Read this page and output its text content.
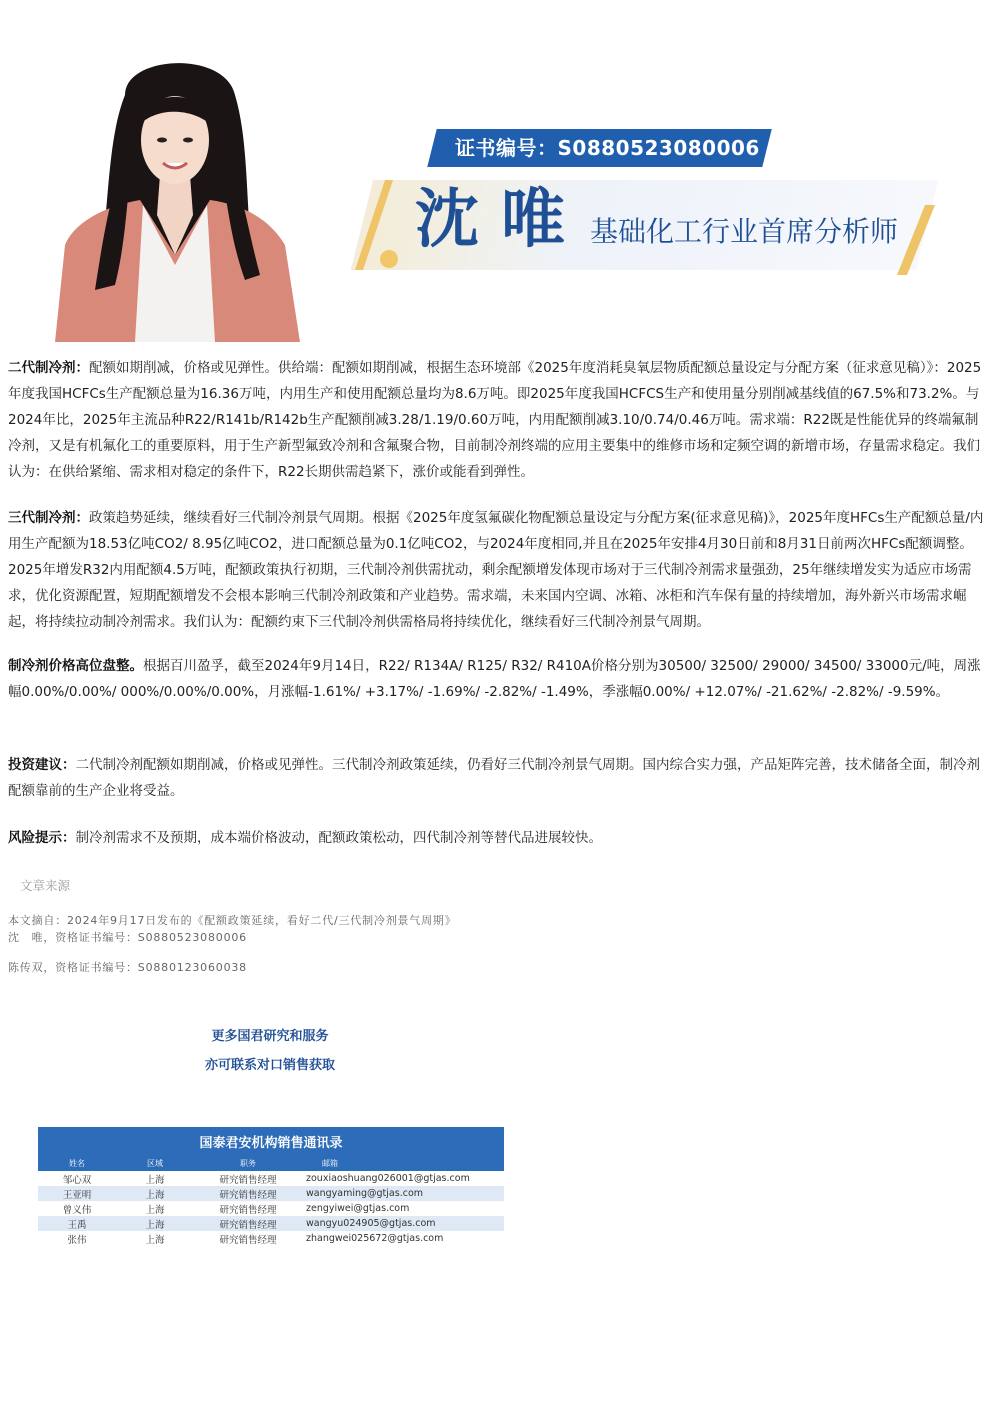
证书编号：S0880523080006
沈唯 基础化工行业首席分析师
二代制冷剂：配额如期削减，价格或见弹性。供给端：配额如期削减，根据生态环境部《2025年度消耗臭氧层物质配额总量设定与分配方案（征求意见稿）》：2025年度我国HCFCs生产配额总量为16.36万吨，内用生产和使用配额总量均为8.6万吨。即2025年度我国HCFCS生产和使用量分别削减基线值的67.5%和73.2%。与2024年比，2025年主流品种R22/R141b/R142b生产配额削减3.28/1.19/0.60万吨，内用配额削减3.10/0.74/0.46万吨。需求端：R22既是性能优异的终端氟制冷剂，又是有机氟化工的重要原料，用于生产新型氟致冷剂和含氟聚合物，目前制冷剂终端的应用主要集中的维修市场和定频空调的新增市场，存量需求稳定。我们认为：在供给紧缩、需求相对稳定的条件下，R22长期供需趋紧下，涨价或能看到弹性。
三代制冷剂：政策趋势延续，继续看好三代制冷剂景气周期。根据《2025年度氢氟碳化物配额总量设定与分配方案(征求意见稿)》，2025年度HFCs生产配额总量/内用生产配额为18.53亿吨CO2/ 8.95亿吨CO2，进口配额总量为0.1亿吨CO2，与2024年度相同,并且在2025年安排4月30日前和8月31日前两次HFCs配额调整。2025年增发R32内用配额4.5万吨，配额政策执行初期，三代制冷剂供需扰动，剩余配额增发体现市场对于三代制冷剂需求量强劲，25年继续增发实为适应市场需求，优化资源配置，短期配额增发不会根本影响三代制冷剂政策和产业趋势。需求端，未来国内空调、冰箱、冰柜和汽车保有量的持续增加，海外新兴市场需求崛起，将持续拉动制冷剂需求。我们认为：配额约束下三代制冷剂供需格局将持续优化，继续看好三代制冷剂景气周期。
制冷剂价格高位盘整。根据百川盈孚，截至2024年9月14日，R22/ R134A/ R125/ R32/ R410A价格分别为30500/ 32500/ 29000/ 34500/ 33000元/吨，周涨幅0.00%/0.00%/ 000%/0.00%/0.00%，月涨幅-1.61%/ +3.17%/ -1.69%/ -2.82%/ -1.49%，季涨幅0.00%/ +12.07%/ -21.62%/ -2.82%/ -9.59%。
投资建议：二代制冷剂配额如期削减，价格或见弹性。三代制冷剂政策延续，仍看好三代制冷剂景气周期。国内综合实力强，产品矩阵完善，技术储备全面，制冷剂配额靠前的生产企业将受益。
风险提示：制冷剂需求不及预期，成本端价格波动，配额政策松动，四代制冷剂等替代品进展较快。
文章来源
本文摘自：2024年9月17日发布的《配额政策延续，看好二代/三代制冷剂景气周期》
沈　唯，资格证书编号：S0880523080006
陈传双，资格证书编号：S0880123060038
更多国君研究和服务
亦可联系对口销售获取
国泰君安机构销售通讯录			
姓名	区域	职务	邮箱
邹心双	上海	研究销售经理	zouxiaoshuang026001@gtjas.com
王亚明	上海	研究销售经理	wangyaming@gtjas.com
曾义伟	上海	研究销售经理	zengyiwei@gtjas.com
王禹	上海	研究销售经理	wangyu024905@gtjas.com
张伟	上海	研究销售经理	zhangwei025672@gtjas.com
